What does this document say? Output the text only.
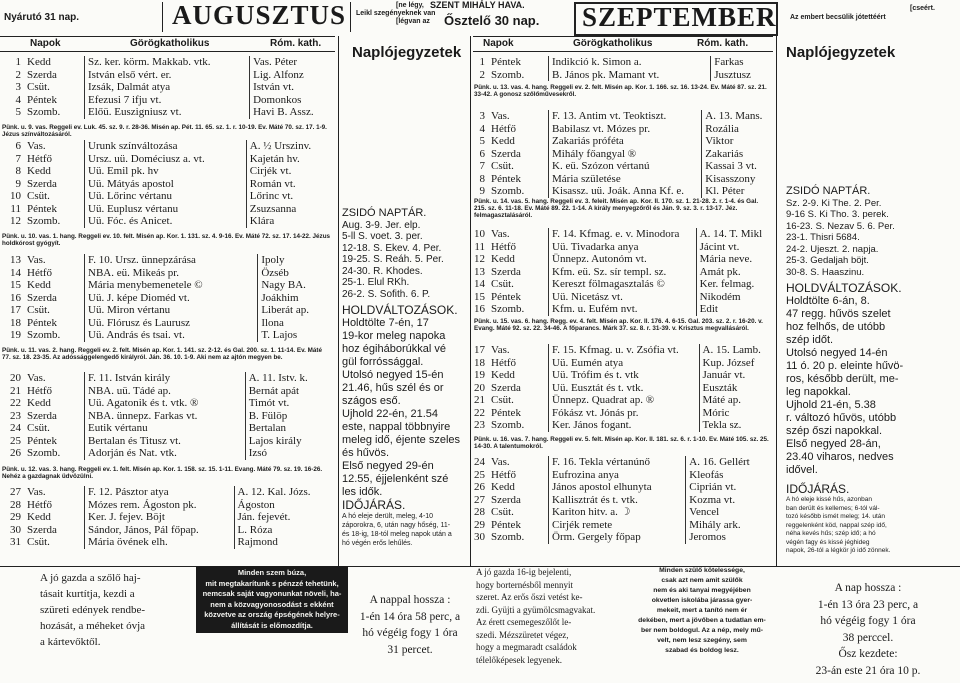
Nyárutó 31 nap.	AUGUSZTUS	[ne légy,
Leikl szegényeknek van
[légvan az
Napok	Görögkatholikus	Róm. kath.
1	Kedd	Sz. ker. körm. Makkab. vtk.	Vas. Péter
2	Szerda	István első vért. er.	Lig. Alfonz
3	Csüt.	Izsák, Dalmát atya	István vt.
4	Péntek	Efezusi 7 ifju vt.	Domonkos
5	Szomb.	Előü. Euszigniusz vt.	Havi B. Assz.
Pünk. u. 9. vas. Reggeli ev. Luk. 45. sz. 9. r. 28-36. Misén ap. Pét. 11. 65. sz. 1. r. 10-19. Ev. Máté 70. sz. 17. 1-9. Jézus színváltozásáról.
6	Vas.	Urunk színváltozása	A. ½ Urszinv.
7	Hétfő	Ursz. uü. Doméciusz a. vt.	Kajetán hv.
8	Kedd	Uü. Emil pk. hv	Cirjék vt.
9	Szerda	Uü. Mátyás apostol	Román vt.
10	Csüt.	Uü. Lőrinc vértanu	Lőrinc vt.
11	Péntek	Uü. Euplusz vértanu	Zsuzsanna
12	Szomb.	Uü. Fóc. és Anicet.	Klára
Pünk. u. 10. vas. 1. hang. Reggeli ev. 10. felt. Misén ap. Kor. 1. 131. sz. 4. 9-16. Ev. Máté 72. sz. 17. 14-22. Jézus holdkórost gyógyít.
13	Vas.	F. 10. Ursz. ünnepzárása	Ipoly
14	Hétfő	NBA. eü. Mikeás pr.	Özséb
15	Kedd	Mária menybemenetele ©	Nagy BA.
16	Szerda	Uü. J. képe Dioméd vt.	Joákhim
17	Csüt.	Uü. Miron vértanu	Liberát ap.
18	Péntek	Uü. Flórusz és Laurusz	Ilona
19	Szomb.	Uü. András és tsai. vt.	T. Lajos
Pünk. u. 11. vas. 2. hang. Reggeli ev. 2. felt. Misén ap. Kor. 1. 141. sz. 2-12. és Gal. 200. sz. 1. 11-14. Ev. Máté 77. sz. 18. 23-35. Az adóssággelengedő királyról. Ján. 36. 10. 1-9. Aki nem az ajtón megyen be.
20	Vas.	F. 11. István király	A. 11. Istv. k.
21	Hétfő	NBA. uü. Tádé ap.	Bernát apát
22	Kedd	Uü. Agatonik és t. vtk. ®	Timót vt.
23	Szerda	NBA. ünnepz. Farkas vt.	B. Fülöp
24	Csüt.	Eutik vértanu	Bertalan
25	Péntek	Bertalan és Titusz vt.	Lajos király
26	Szomb.	Adorján és Nat. vtk.	Izsó
Pünk. u. 12. vas. 3. hang. Reggeli ev. 1. felt. Misén ap. Kor. 1. 158. sz. 15. 1-11. Evang. Máté 79. sz. 19. 16-26. Nehéz a gazdagnak üdvözülni.
27	Vas.	F. 12. Pásztor atya	A. 12. Kal. Józs.
28	Hétfő	Mózes rem. Ágoston pk.	Ágoston
29	Kedd	Ker. J. fejev. Böjt	Ján. fejevét.
30	Szerda	Sándor, János, Pál főpap.	L. Róza
31	Csüt.	Mária övének elh.	Rajmond
Naplójegyzetek

ZSIDÓ NAPTÁR.

Aug. 3-9. Jer. elp.

5-ll S. voet. 3. per.

12-18. S. Ekev. 4. Per.

19-25. S. Reáh. 5. Per.

24-30. R. Khodes.

25-1. Elul RKh.

26-2. S. Sofith. 6. P.

HOLDVÁLTOZÁSOK.

Holdtölte 7-én, 17

19-kor meleg napoka

hoz égiháborúkkal vé

gül forróssággal.

Utolsó negyed 15-én

21.46, hűs szél és or

szágos eső.

Ujhold 22-én, 21.54

este, nappal többnyire

meleg idő, éjente szeles

és hűvös.

Első negyed 29-én

12.55, éjjelenként szé

les idők.

IDŐJÁRÁS.

A hó eleje derült, meleg, 4-10

záporokra, 6, után nagy hőség, 11-

és 18-ig, 18-tól meleg napok után a

hó végén erős lehűlés.

A jó gazda a szőlő haj-
tásait kurtítja, kezdi a
szüreti edények rendbe-
hozását, a méheket óvja
a kártevőktől.
Minden szem búza,
mit megtakarítunk s pénzzé tehetünk,
nemcsak saját vagyonunkat növeli, ha-
nem a közvagyonosodást s ekként
közvetve az ország épségének helyre-
állítását is előmozdítja.
A nappal hossza :
1-én 14 óra 58 perc, a
hó végéig fogy 1 óra
31 percet.
SZENT MIHÁLY HAVA.
Ősztelő 30 nap. SZEPTEMBER	[cseért.
Az embert becsülik jótettéért
Napok	Görögkatholikus	Róm. kath.
1	Péntek	Indikció k. Simon a.	Farkas
2	Szomb.	B. János pk. Mamant vt.	Jusztusz
Pünk. u. 13. vas. 4. hang. Reggeli ev. 2. felt. Misén ap. Kor. 1. 166. sz. 16. 13-24. Ev. Máté 87. sz. 21. 33-42. A gonosz szőlőművesekről.
3	Vas.	F. 13. Antim vt. Teoktiszt.	A. 13. Mans.
4	Hétfő	Babilasz vt. Mózes pr.	Rozália
5	Kedd	Zakariás próféta	Viktor
6	Szerda	Mihály főangyal ®	Zakariás
7	Csüt.	K. eü. Szózon vértanú	Kassai 3 vt.
8	Péntek	Mária születése	Kisasszony
9	Szomb.	Kisassz. uü. Joák. Anna Kf. e.	Kl. Péter
Pünk. u. 14. vas. 5. hang. Reggeli ev. 3. feleit. Misén ap. Kor. II. 170. sz. 1. 21-28. 2. r. 1-4. és Gal. 215. sz. 6. 11-18. Ev. Máté 89. 22. 1-14. A király menyegzőről és Ján. 9. sz. 3. r. 13-17. Jéz. felmagasztalásáról.
10	Vas.	F. 14. Kfmag. e. v. Minodora	A. 14. T. Mikl
11	Hétfő	Uü. Tivadarka anya	Jácint vt.
12	Kedd	Ünnepz. Autonóm vt.	Mária neve.
13	Szerda	Kfm. eü. Sz. sír templ. sz.	Amát pk.
14	Csüt.	Kereszt fölmagasztalás ©	Ker. felmag.
15	Péntek	Uü. Nicetász vt.	Nikodém
16	Szomb.	Kfm. u. Eufém nvt.	Edit
Pünk. u. 15. vas. 6. hang. Regg. ev. 4. felt. Misén ap. Kor. II. 176. 4. 6-15. Gal. 203. sz. 2. r. 16-20. v. Evang. Máté 92. sz. 22. 34-46. A főparancs. Márk 37. sz. 8. r. 31-39. v. Krisztus megvallásáról.
17	Vas.	F. 15. Kfmag. u. v. Zsófia vt.	A. 15. Lamb.
18	Hétfő	Uü. Eumén atya	Kup. József
19	Kedd	Uü. Trófim és t. vtk	Január vt.
20	Szerda	Uü. Eusztát és t. vtk.	Euszták
21	Csüt.	Ünnepz. Quadrat ap. ®	Máté ap.
22	Péntek	Fókász vt. Jónás pr.	Móric
23	Szomb.	Ker. János fogant.	Tekla sz.
Pünk. u. 16. vas. 7. hang. Reggeli ev. 5. felt. Misén ap. Kor. II. 181. sz. 6. r. 1-10. Ev. Máté 105. sz. 25. 14-30. A talentumokról.
24	Vas.	F. 16. Tekla vértanúnő	A. 16. Gellért
25	Hétfő	Eufrozina anya	Kleofás
26	Kedd	János apostol elhunyta	Ciprián vt.
27	Szerda	Kallisztrát és t. vtk.	Kozma vt.
28	Csüt.	Kariton hitv. a. ☽	Vencel
29	Péntek	Cirjék remete	Mihály ark.
30	Szomb.	Örm. Gergely főpap	Jeromos
Naplójegyzetek

ZSIDÓ NAPTÁR.

Sz. 2-9. Ki The. 2. Per.

9-16 S. Ki Tho. 3. perek.

16-23. S. Nezav 5. 6. Per.

23-1. Thisri 5684.

24-2. Ujeszt. 2. napja.

25-3. Gedaljah böjt.

30-8. S. Haaszinu.

HOLDVÁLTOZÁSOK.

Holdtölte 6-án, 8.

47 regg. hűvös szelet

hoz felhős, de utóbb

szép időt.

Utolsó negyed 14-én

11 ó. 20 p. eleinte hűvö-

ros, később derült, me-

leg napokkal.

Ujhold 21-én, 5.38

r. változó hűvös, utóbb

szép őszi napokkal.

Első negyed 28-án,

23.40 viharos, nedves

idővel.

IDŐJÁRÁS.

A hó eleje kissé hűs, azonban

ban derült és kellemes; 6-tól vál-

tozó később ismét meleg; 14. után

reggelenként köd, nappal szép idő,

néha kevés hűs; szép idő; a hó

végén fagy és kissé jéghideg

napok, 26-tól a légkör jó idő zönnek.

A jó gazda 16-ig bejelenti,
hogy borternésből mennyit
szeret. Az erős őszi vetést ke-
zdi. Gyüjti a gyümölcsmagvakat.
Az érett csemegeszőlőt le-
szedi. Mézszüretet végez,
hogy a megmaradt családok
télelőképesek legyenek.
Minden szülő kötelessége,
csak azt nem amit szülők
nem és aki tanyai megyéjében
okvetlen iskolába járassa gyer-
mekeit, mert a tanító nem ér
dekében, mert a jövőben a tudatlan em-
ber nem boldogul. Az a nép, mely mű-
velt, nem lesz szegény, sem
szabad és boldog lesz.
A nap hossza :
1-én 13 óra 23 perc, a
hó végéig fogy 1 óra
38 perccel.
Ősz kezdete:
23-án este 21 óra 10 p.
